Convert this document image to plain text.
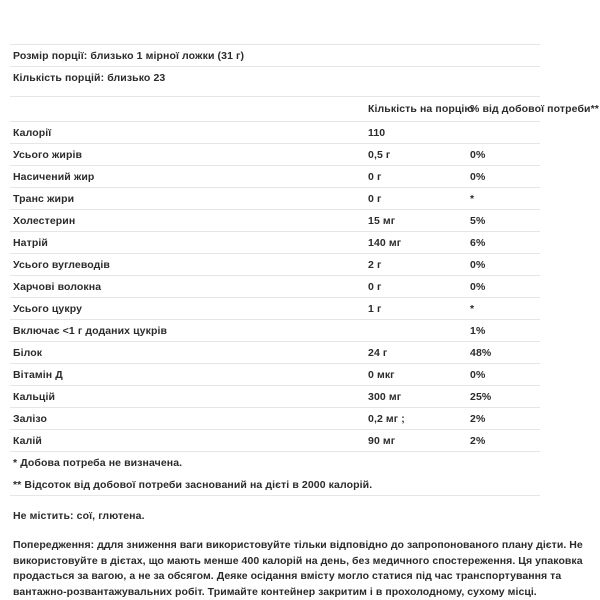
Розмір порції: близько 1 мірної ложки (31 г)
Кількість порцій: близько 23
	Кількість на порцію	% від добової потреби**
Калорії	110	
Усього жирів	0,5 г	0%
Насичений жир	0 г	0%
Транс жири	0 г	*
Холестерин	15 мг	5%
Натрій	140 мг	6%
Усього вуглеводів	2 г	0%
Харчові волокна	0 г	0%
Усього цукру	1 г	*
Включає <1 г доданих цукрів		1%
Білок	24 г	48%
Вітамін Д	0 мкг	0%
Кальцій	300 мг	25%
Залізо	0,2 мг ;	2%
Калій	90 мг	2%
* Добова потреба не визначена.
** Відсоток від добової потреби заснований на дієті в 2000 калорій.
Не містить: сої, глютена.
Попередження: ддля зниження ваги використовуйте тільки відповідно до запропонованого плану дієти. Не використовуйте в дієтах, що мають менше 400 калорій на день, без медичного спостереження. Ця упаковка продасться за вагою, а не за обсягом. Деяке осідання вмісту могло статися під час транспортування та вантажно-розвантажувальних робіт. Тримайте контейнер закритим і в прохолодному, сухому місці.
